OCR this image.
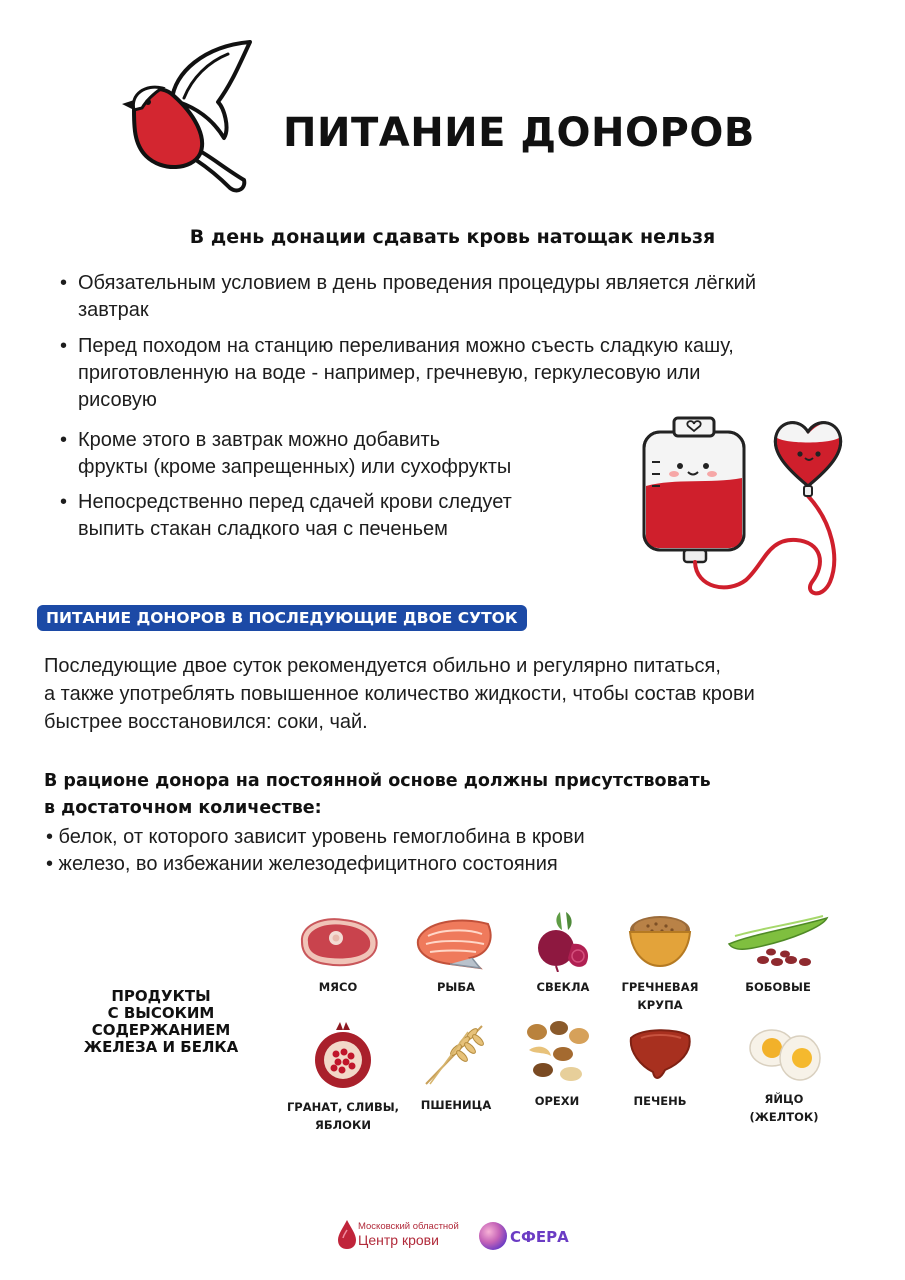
ПИТАНИЕ ДОНОРОВ
В день донации сдавать кровь натощак нельзя
• Обязательным условием в день проведения процедуры является лёгкий
завтрак
• Перед походом на станцию переливания можно съесть сладкую кашу,
приготовленную на воде - например, гречневую, геркулесовую или
рисовую
• Кроме этого в завтрак можно добавить
фрукты (кроме запрещенных) или сухофрукты
• Непосредственно перед сдачей крови следует
выпить стакан сладкого чая с печеньем
ПИТАНИЕ ДОНОРОВ В ПОСЛЕДУЮЩИЕ ДВОЕ СУТОК
Последующие двое суток рекомендуется обильно и регулярно питаться,
а также употреблять повышенное количество жидкости, чтобы состав крови
быстрее восстановился: соки, чай.
В рационе донора на постоянной основе должны присутствовать
в достаточном количестве:
• белок, от которого зависит уровень гемоглобина в крови
• железо, во избежании железодефицитного состояния
ПРОДУКТЫ
С ВЫСОКИМ
СОДЕРЖАНИЕМ
ЖЕЛЕЗА И БЕЛКА
МЯСО	РЫБА	СВЕКЛА	ГРЕЧНЕВАЯ
КРУПА
БОБОВЫЕ
ГРАНАТ, СЛИВЫ,
ЯБЛОКИ
ПШЕНИЦА	ОРЕХИ	ПЕЧЕНЬ	ЯЙЦО
(ЖЕЛТОК)
Московский областной
Центр крови	СФЕРА
